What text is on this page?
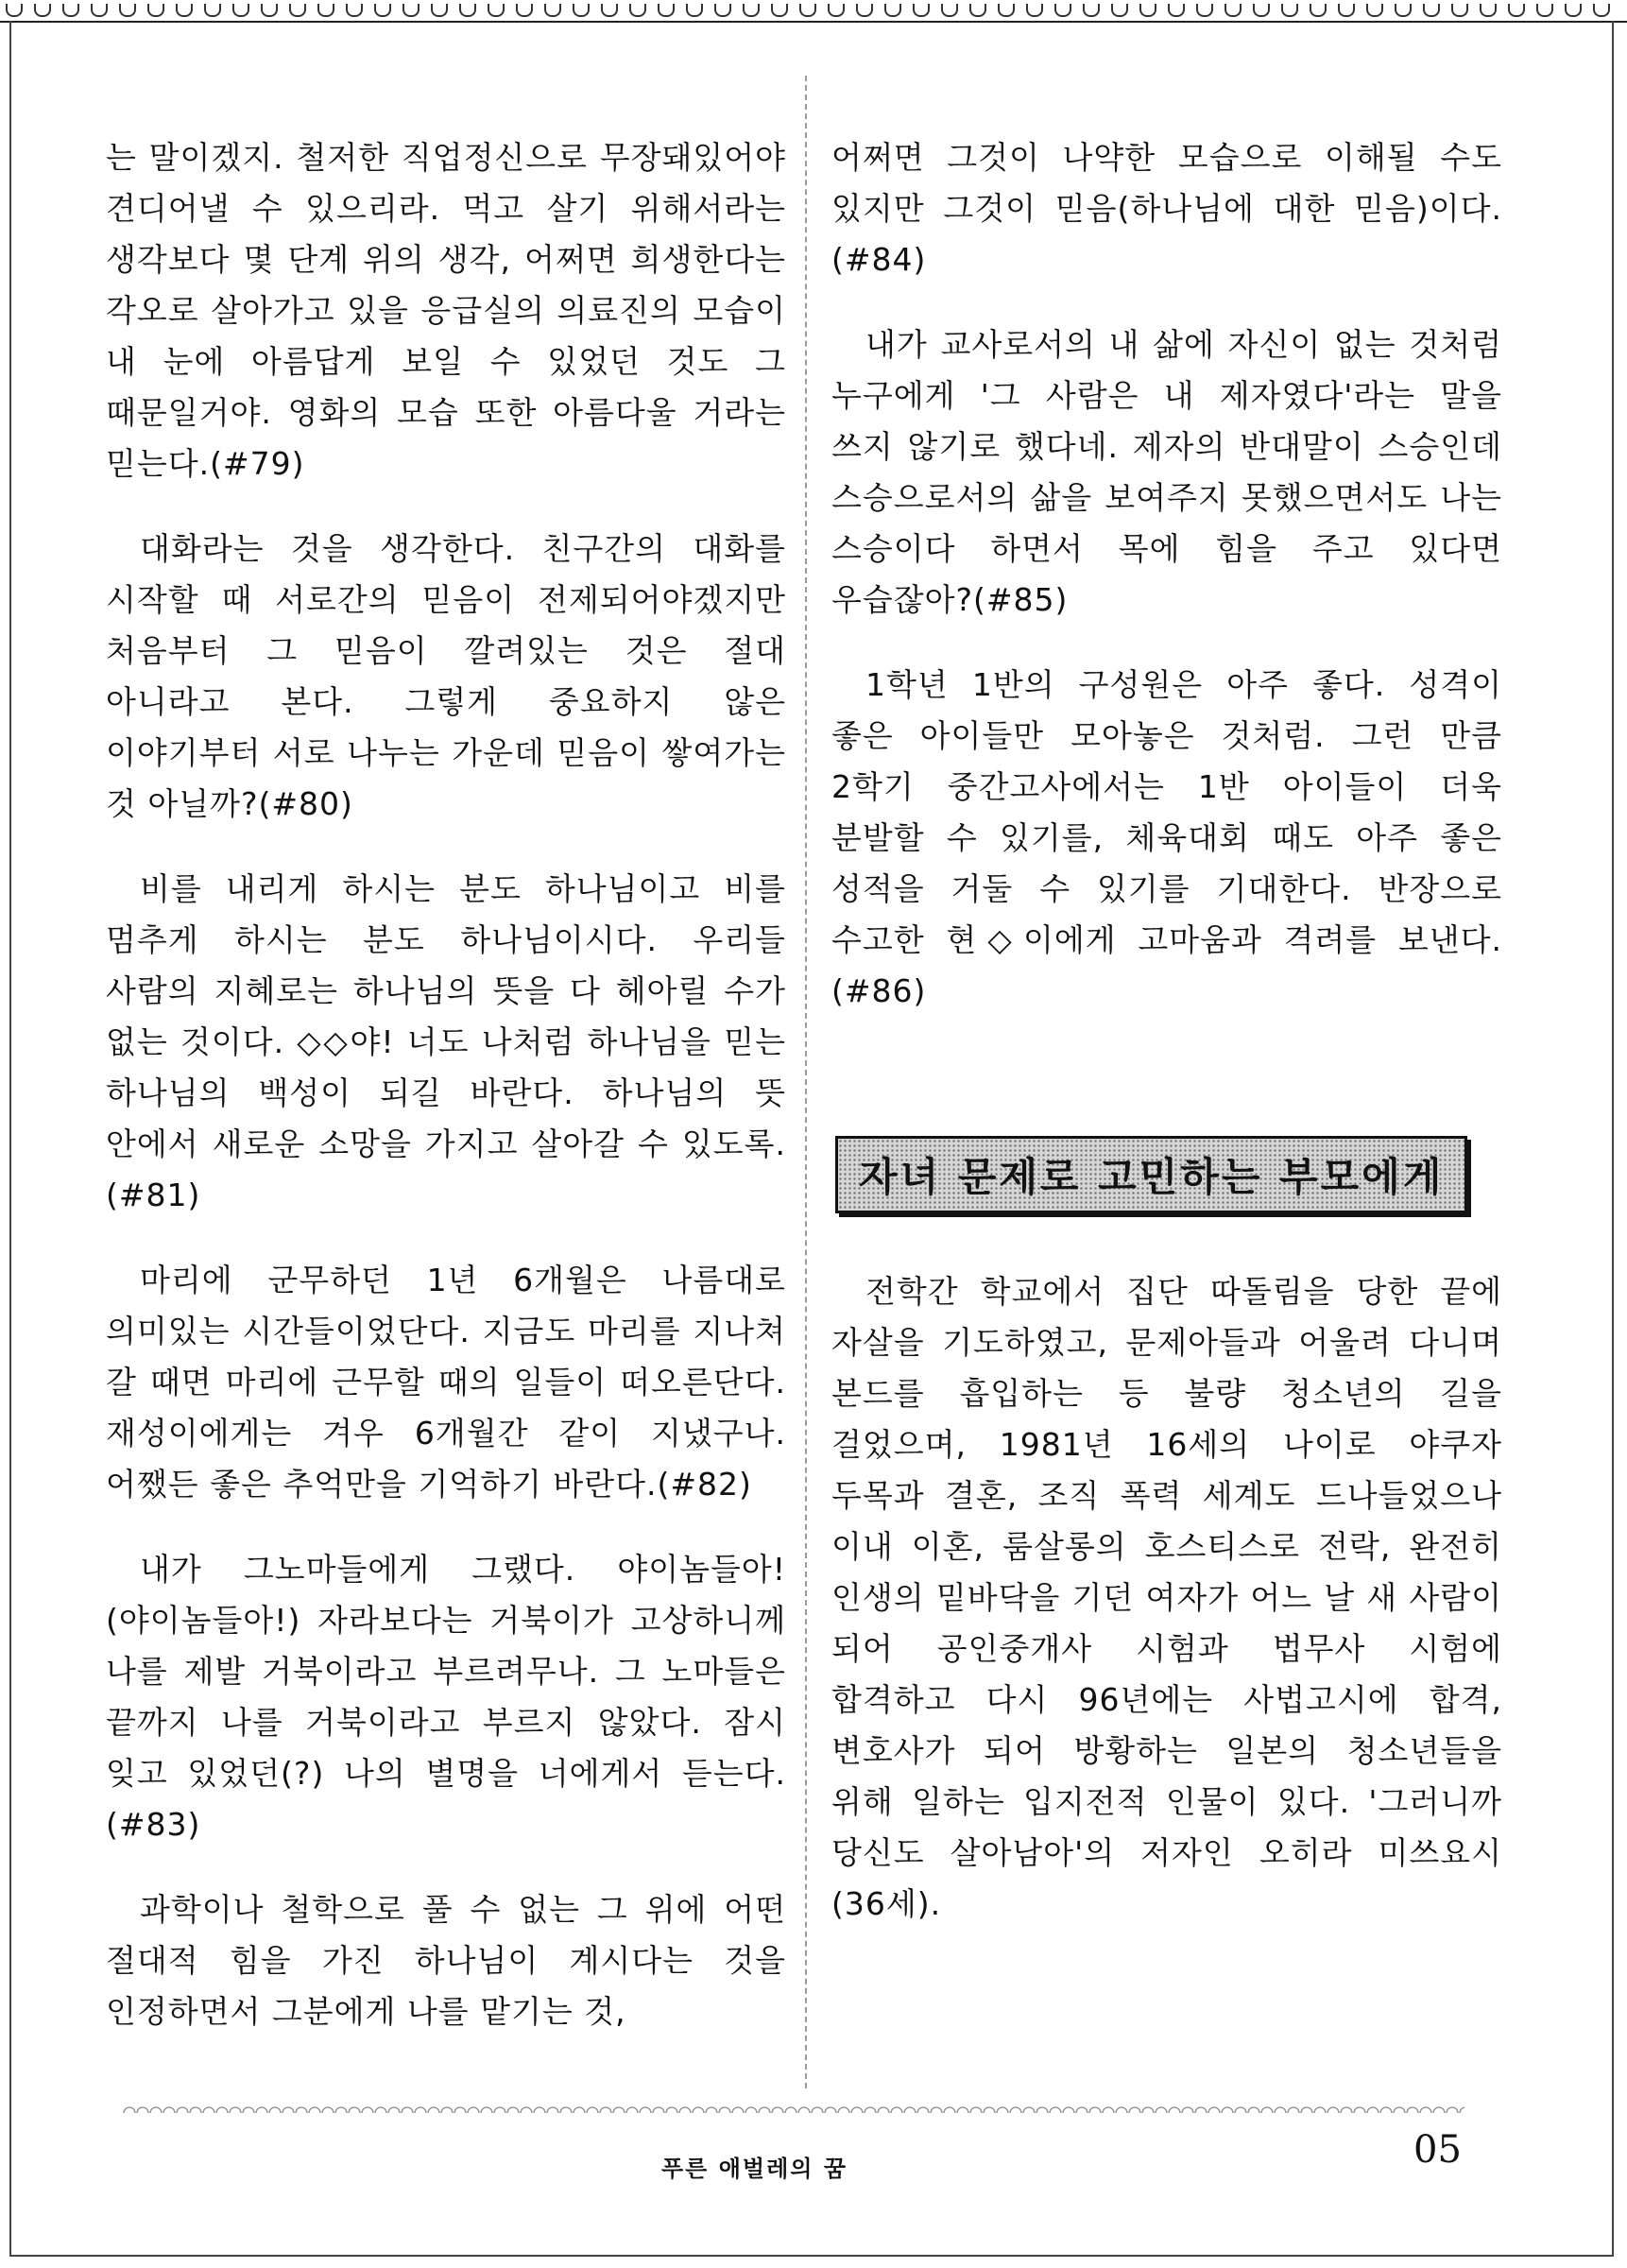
는 말이겠지. 철저한 직업정신으로 무장돼있어야 견디어낼 수 있으리라. 먹고 살기 위해서라는 생각보다 몇 단계 위의 생각, 어쩌면 희생한다는 각오로 살아가고 있을 응급실의 의료진의 모습이 내 눈에 아름답게 보일 수 있었던 것도 그 때문일거야. 영화의 모습 또한 아름다울 거라는 믿는다.(#79)

대화라는 것을 생각한다. 친구간의 대화를 시작할 때 서로간의 믿음이 전제되어야겠지만 처음부터 그 믿음이 깔려있는 것은 절대 아니라고 본다. 그렇게 중요하지 않은 이야기부터 서로 나누는 가운데 믿음이 쌓여가는 것 아닐까?(#80)

비를 내리게 하시는 분도 하나님이고 비를 멈추게 하시는 분도 하나님이시다. 우리들 사람의 지혜로는 하나님의 뜻을 다 헤아릴 수가 없는 것이다. ◇◇야! 너도 나처럼 하나님을 믿는 하나님의 백성이 되길 바란다. 하나님의 뜻 안에서 새로운 소망을 가지고 살아갈 수 있도록.(#81)

마리에 군무하던 1년 6개월은 나름대로 의미있는 시간들이었단다. 지금도 마리를 지나쳐 갈 때면 마리에 근무할 때의 일들이 떠오른단다. 재성이에게는 겨우 6개월간 같이 지냈구나. 어쨌든 좋은 추억만을 기억하기 바란다.(#82)

내가 그노마들에게 그랬다. 야이놈들아! (야이놈들아!) 자라보다는 거북이가 고상하니께 나를 제발 거북이라고 부르려무나. 그 노마들은 끝까지 나를 거북이라고 부르지 않았다. 잠시 잊고 있었던(?) 나의 별명을 너에게서 듣는다.(#83)

과학이나 철학으로 풀 수 없는 그 위에 어떤 절대적 힘을 가진 하나님이 계시다는 것을 인정하면서 그분에게 나를 맡기는 것,

어쩌면 그것이 나약한 모습으로 이해될 수도 있지만 그것이 믿음(하나님에 대한 믿음)이다.(#84)

내가 교사로서의 내 삶에 자신이 없는 것처럼 누구에게 '그 사람은 내 제자였다'라는 말을 쓰지 않기로 했다네. 제자의 반대말이 스승인데 스승으로서의 삶을 보여주지 못했으면서도 나는 스승이다 하면서 목에 힘을 주고 있다면 우습잖아?(#85)

1학년 1반의 구성원은 아주 좋다. 성격이 좋은 아이들만 모아놓은 것처럼. 그런 만큼 2학기 중간고사에서는 1반 아이들이 더욱 분발할 수 있기를, 체육대회 때도 아주 좋은 성적을 거둘 수 있기를 기대한다. 반장으로 수고한 현◇이에게 고마움과 격려를 보낸다.(#86)

자녀 문제로 고민하는 부모에게

전학간 학교에서 집단 따돌림을 당한 끝에 자살을 기도하였고, 문제아들과 어울려 다니며 본드를 흡입하는 등 불량 청소년의 길을 걸었으며, 1981년 16세의 나이로 야쿠자 두목과 결혼, 조직 폭력 세계도 드나들었으나 이내 이혼, 룸살롱의 호스티스로 전락, 완전히 인생의 밑바닥을 기던 여자가 어느 날 새 사람이 되어 공인중개사 시험과 법무사 시험에 합격하고 다시 96년에는 사법고시에 합격, 변호사가 되어 방황하는 일본의 청소년들을 위해 일하는 입지전적 인물이 있다. '그러니까 당신도 살아남아'의 저자인 오히라 미쓰요시(36세).

푸른 애벌레의 꿈	05
